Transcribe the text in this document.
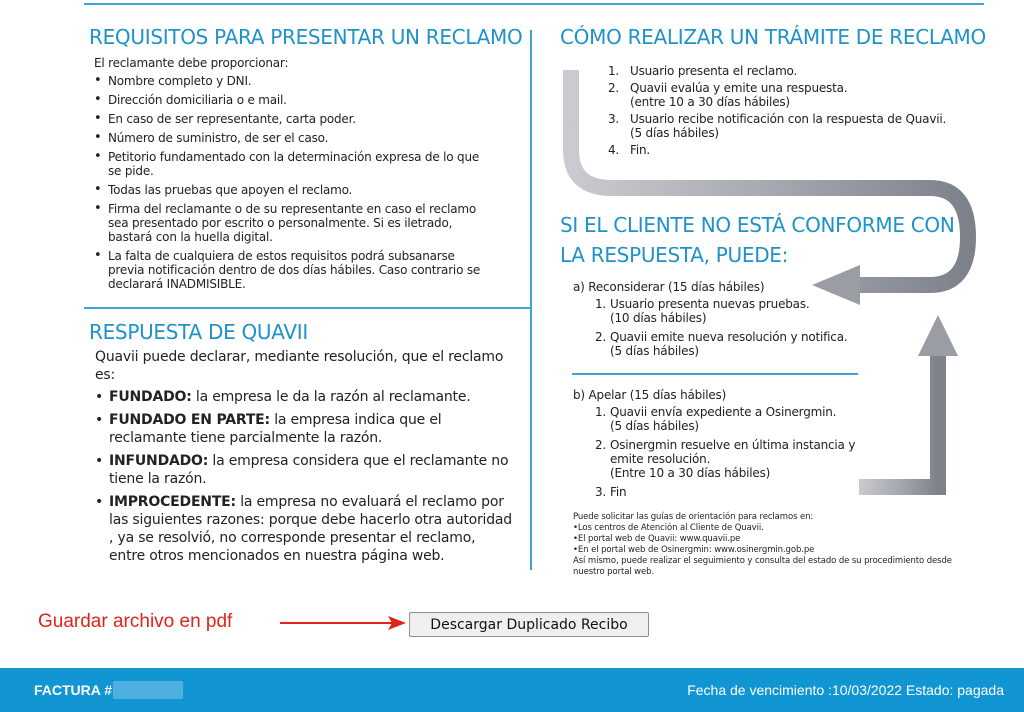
REQUISITOS PARA PRESENTAR UN RECLAMO
El reclamante debe proporcionar:
• Nombre completo y DNI.
• Dirección domiciliaria o e mail.
• En caso de ser representante, carta poder.
• Número de suministro, de ser el caso.
• Petitorio fundamentado con la determinación expresa de lo que se pide.
• Todas las pruebas que apoyen el reclamo.
• Firma del reclamante o de su representante en caso el reclamo sea presentado por escrito o personalmente. Si es iletrado, bastará con la huella digital.
• La falta de cualquiera de estos requisitos podrá subsanarse previa notificación dentro de dos días hábiles. Caso contrario se declarará INADMISIBLE.
RESPUESTA DE QUAVII
Quavii puede declarar, mediante resolución, que el reclamo es:
• FUNDADO: la empresa le da la razón al reclamante.
• FUNDADO EN PARTE: la empresa indica que el reclamante tiene parcialmente la razón.
• INFUNDADO: la empresa considera que el reclamante no tiene la razón.
• IMPROCEDENTE: la empresa no evaluará el reclamo por las siguientes razones: porque debe hacerlo otra autoridad , ya se resolvió, no corresponde presentar el reclamo, entre otros mencionados en nuestra página web.
CÓMO REALIZAR UN TRÁMITE DE RECLAMO
1. Usuario presenta el reclamo.
2. Quavii evalúa y emite una respuesta.
(entre 10 a 30 días hábiles)
3. Usuario recibe notificación con la respuesta de Quavii.
(5 días hábiles)
4. Fin.
SI EL CLIENTE NO ESTÁ CONFORME CON LA RESPUESTA, PUEDE:
a) Reconsiderar (15 días hábiles)
1. Usuario presenta nuevas pruebas.
(10 días hábiles)
2. Quavii emite nueva resolución y notifica.
(5 días hábiles)
b) Apelar (15 días hábiles)
1. Quavii envía expediente a Osinergmin.
(5 días hábiles)
2. Osinergmin resuelve en última instancia y emite resolución.
(Entre 10 a 30 días hábiles)
3. Fin
Puede solicitar las guías de orientación para reclamos en:
•Los centros de Atención al Cliente de Quavii.
•El portal web de Quavii: www.quavii.pe
•En el portal web de Osinergmin: www.osinergmin.gob.pe
Así mismo, puede realizar el seguimiento y consulta del estado de su procedimiento desde nuestro portal web.
Guardar archivo en pdf	Descargar Duplicado Recibo
FACTURA #	Fecha de vencimiento :10/03/2022 Estado: pagada
